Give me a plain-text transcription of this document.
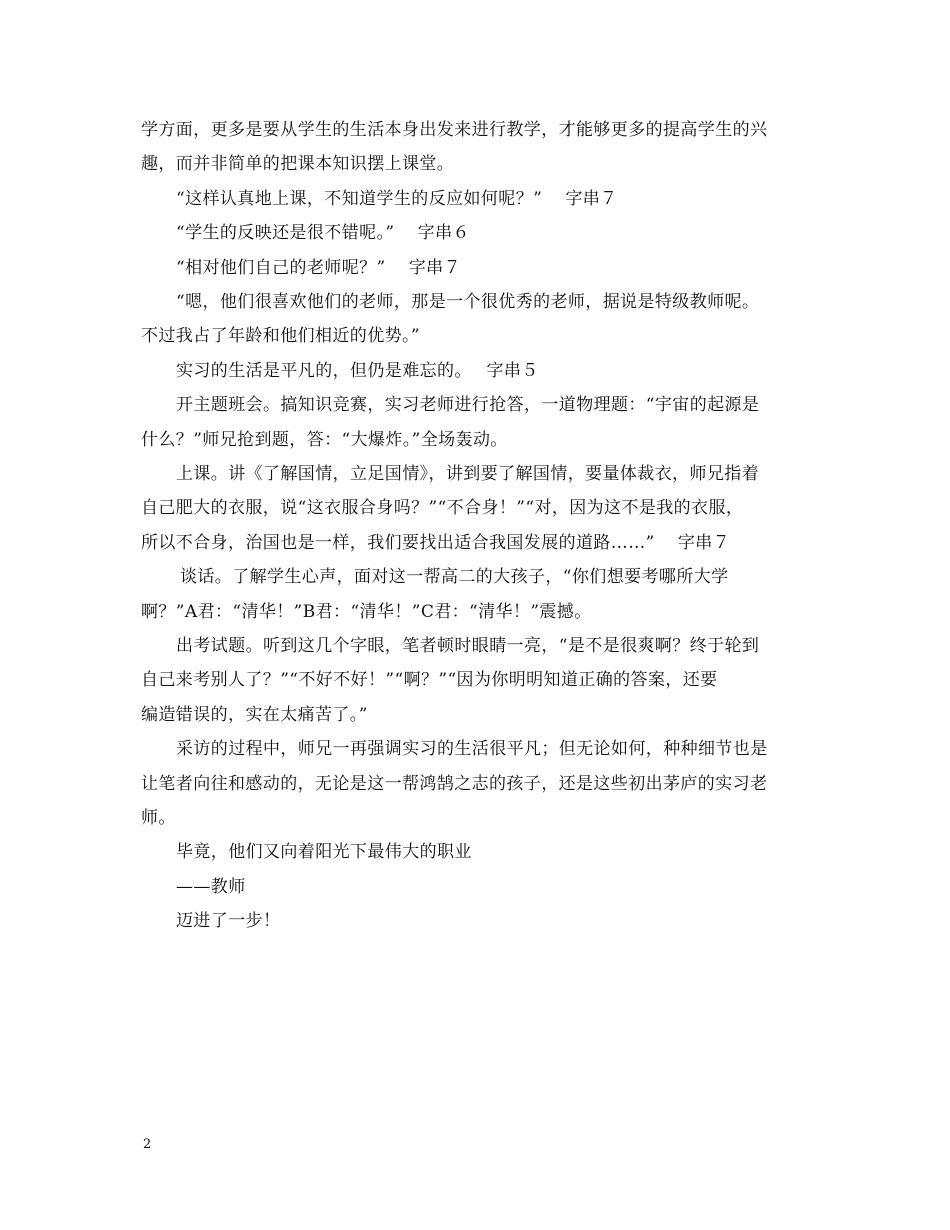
学方面，更多是要从学生的生活本身出发来进行教学，才能够更多的提高学生的兴
趣，而并非简单的把课本知识摆上课堂。
“这样认真地上课，不知道学生的反应如何呢？”　 字串７
“学生的反映还是很不错呢。”　 字串６
“相对他们自己的老师呢？”　 字串７
“嗯，他们很喜欢他们的老师，那是一个很优秀的老师，据说是特级教师呢。
不过我占了年龄和他们相近的优势。”
实习的生活是平凡的，但仍是难忘的。　 字串５
开主题班会。搞知识竞赛，实习老师进行抢答，一道物理题：“宇宙的起源是
什么？”师兄抢到题，答：“大爆炸。”全场轰动。
上课。讲《了解国情，立足国情》，讲到要了解国情，要量体裁衣，师兄指着
自己肥大的衣服，说“这衣服合身吗？”“不合身！”“对，因为这不是我的衣服，
所以不合身，治国也是一样，我们要找出适合我国发展的道路……”　 字串７
谈话。了解学生心声，面对这一帮高二的大孩子，“你们想要考哪所大学
啊？”A君：“清华！”B君：“清华！”C君：“清华！”震撼。
出考试题。听到这几个字眼，笔者顿时眼睛一亮，“是不是很爽啊？终于轮到
自己来考别人了？”“不好不好！”“啊？”“因为你明明知道正确的答案，还要
编造错误的，实在太痛苦了。”
采访的过程中，师兄一再强调实习的生活很平凡；但无论如何，种种细节也是
让笔者向往和感动的，无论是这一帮鸿鹄之志的孩子，还是这些初出茅庐的实习老
师。
毕竟，他们又向着阳光下最伟大的职业
——教师
迈进了一步！
2
